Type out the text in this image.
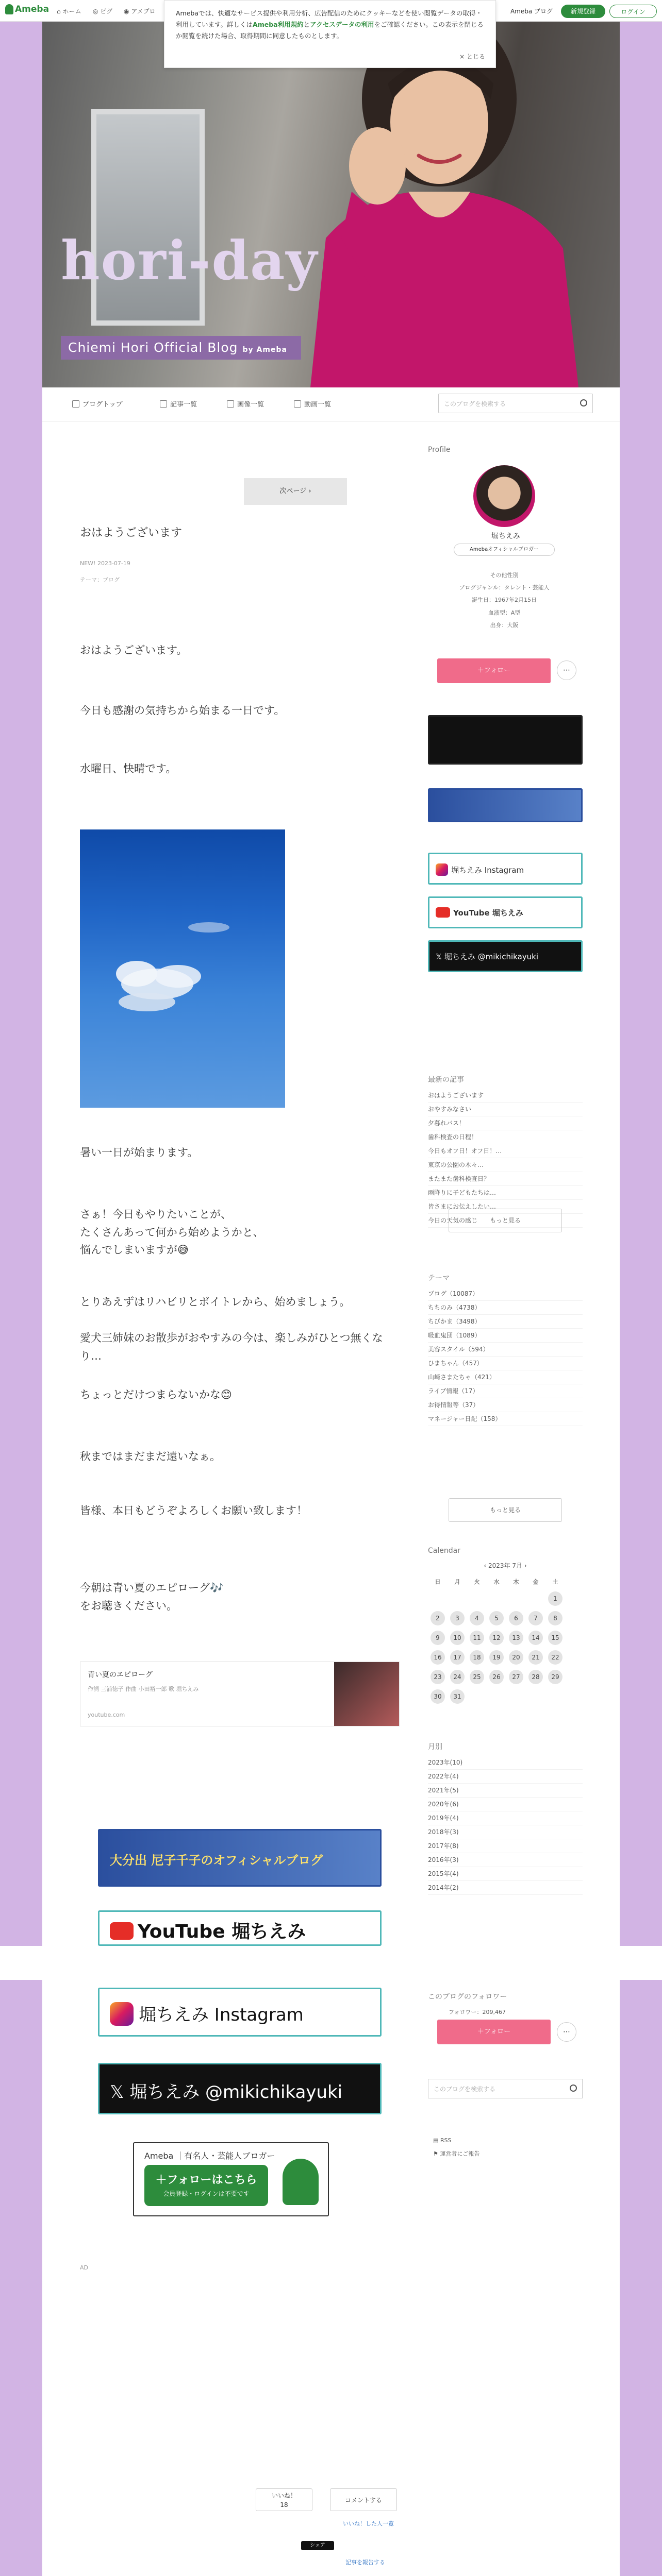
Ameba ⌂ ホーム ◎ ピグ ◉ アメプロ	Ameba ブログ	新規登録	ログイン
hori-day
Chiemi Hori Official Blog by Ameba
ブログトップ	記事一覧	画像一覧	動画一覧	このブログを検索する
次ページ ›
おはようございます
NEW! 2023-07-19
テーマ：ブログ
おはようございます。
今日も感謝の気持ちから始まる一日です。
水曜日、快晴です。
暑い一日が始まります。
さぁ！今日もやりたいことが、
たくさんあって何から始めようかと、
悩んでしまいますが😅
とりあえずはリハビリとボイトレから、始めましょう。
愛犬三姉妹のお散歩がおやすみの今は、楽しみがひとつ無くなり…
ちょっとだけつまらないかな😊
秋まではまだまだ遠いなぁ。
皆様、本日もどうぞよろしくお願い致します！
今朝は青い夏のエピローグ🎶
をお聴きください。
青い夏のエピローグ
作詞 三浦徳子 作曲 小田裕一郎 歌 堀ちえみ
youtube.com
大分出 尼子千子のオフィシャルブログ
YouTube 堀ちえみ
堀ちえみ Instagram
𝕏 堀ちえみ @mikichikayuki
Ameba ｜有名人・芸能人ブロガー
＋フォローはこちら
会員登録・ログインは不要です
AD
いいね！
18
コメントする
いいね！した人一覧
シェア
記事を報告する
Profile
堀ちえみ
Amebaオフィシャルブロガー
その他性別
ブログジャンル：タレント・芸能人
誕生日：1967年2月15日
血液型：A型
出身：大阪
＋フォロー	⋯
堀ちえみ Instagram
YouTube 堀ちえみ
𝕏 堀ちえみ @mikichikayuki
最新の記事
おはようございます
おやすみなさい
夕暮れバス！
歯科検査の日程！
今日もオフ日！オフ日！…
東京の公園の木々…
またまた歯科検査日？
雨降りに子どもたちは…
皆さまにお伝えしたい…
今日の天気の感じ	もっと見る
テーマ
ブログ（10087）
ちちのみ（4738）
ちびかま（3498）
吸血鬼団（1089）
美容スタイル（594）
ひまちゃん（457）
山崎さまたちゃ（421）
ライブ情報（17）
お得情報等（37）
マネージャー日記（158）
もっと見る
Calendar
‹ 2023年 7月 ›
日	月	火	水	木	金	土
						1
2	3	4	5	6	7	8
9	10	11	12	13	14	15
16	17	18	19	20	21	22
23	24	25	26	27	28	29
30	31					
月別
2023年(10)
2022年(4)
2021年(5)
2020年(6)
2019年(4)
2018年(3)
2017年(8)
2016年(3)
2015年(4)
2014年(2)
このブログのフォロワー
フォロワー：209,467
＋フォロー	⋯
このブログを検索する
▤ RSS
⚑ 運営者にご報告
Amebaでは、快適なサービス提供や利用分析、広告配信のためにクッキーなどを使い閲覧データの取得・利用しています。詳しくはAmeba利用規約とアクセスデータの利用をご確認ください。この表示を閉じるか閲覧を続けた場合、取得期間に同意したものとします。
× とじる
